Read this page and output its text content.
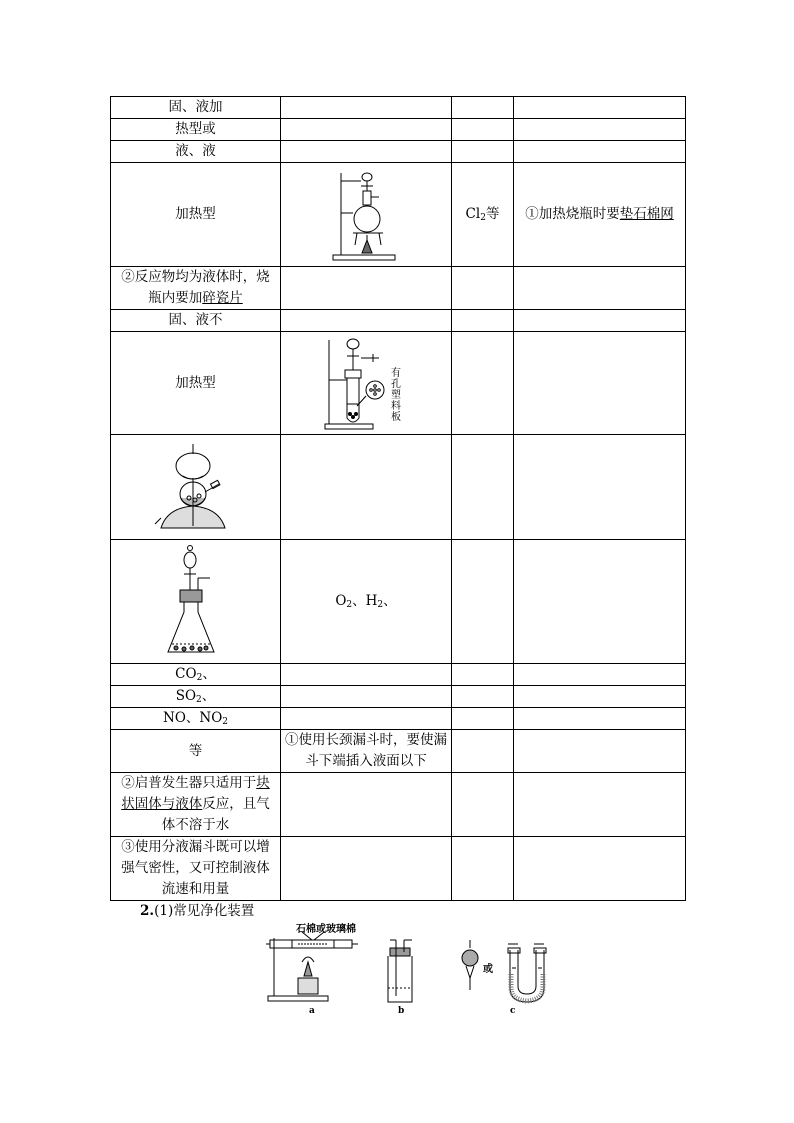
固、液加			
热型或			
液、液			
加热型		$Cl_2$等	①加热烧瓶时要垫石棉网
②反应物均为液体时，烧瓶内要加碎瓷片			
固、液不			
加热型	有孔塑料板		

	$O_2$、$H_2$、		
$CO_2$、			
$SO_2$、			
NO、$NO_2$			
等	①使用长颈漏斗时，要使漏斗下端插入液面以下		
②启普发生器只适用于块状固体与液体反应，且气体不溶于水			
③使用分液漏斗既可以增强气密性，又可控制液体流速和用量			
2.(1)常见净化装置
石棉或玻璃棉
a	b
或
c
